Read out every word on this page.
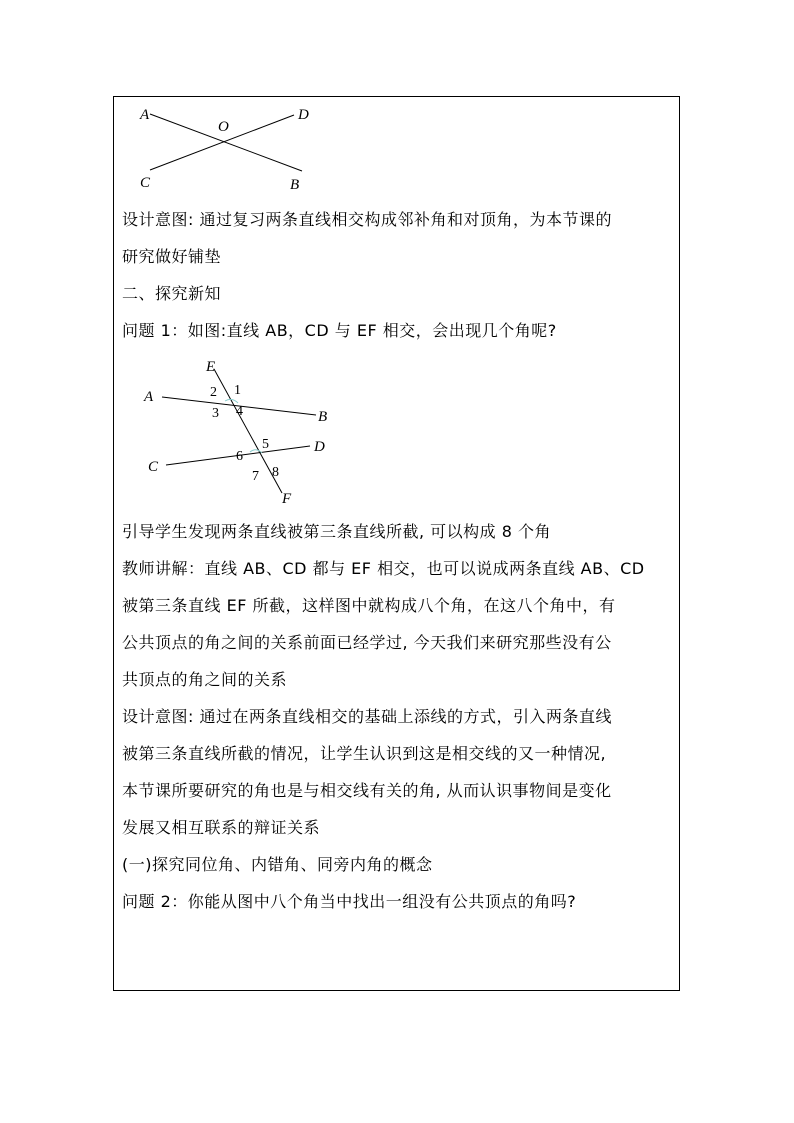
A
O
D
C	B

设计意图: 通过复习两条直线相交构成邻补角和对顶角，为本节课的

研究做好铺垫

二、探究新知

问题 1：如图:直线 AB，CD 与 EF 相交，会出现几个角呢?

E
A
B
C
D
F
2 1
3 4
5
6
7 8

引导学生发现两条直线被第三条直线所截, 可以构成 8 个角

教师讲解：直线 AB、CD 都与 EF 相交，也可以说成两条直线 AB、CD

被第三条直线 EF 所截，这样图中就构成八个角，在这八个角中，有

公共顶点的角之间的关系前面已经学过, 今天我们来研究那些没有公

共顶点的角之间的关系

设计意图: 通过在两条直线相交的基础上添线的方式，引入两条直线

被第三条直线所截的情况，让学生认识到这是相交线的又一种情况,

本节课所要研究的角也是与相交线有关的角, 从而认识事物间是变化

发展又相互联系的辩证关系

(一)探究同位角、内错角、同旁内角的概念

问题 2：你能从图中八个角当中找出一组没有公共顶点的角吗?
